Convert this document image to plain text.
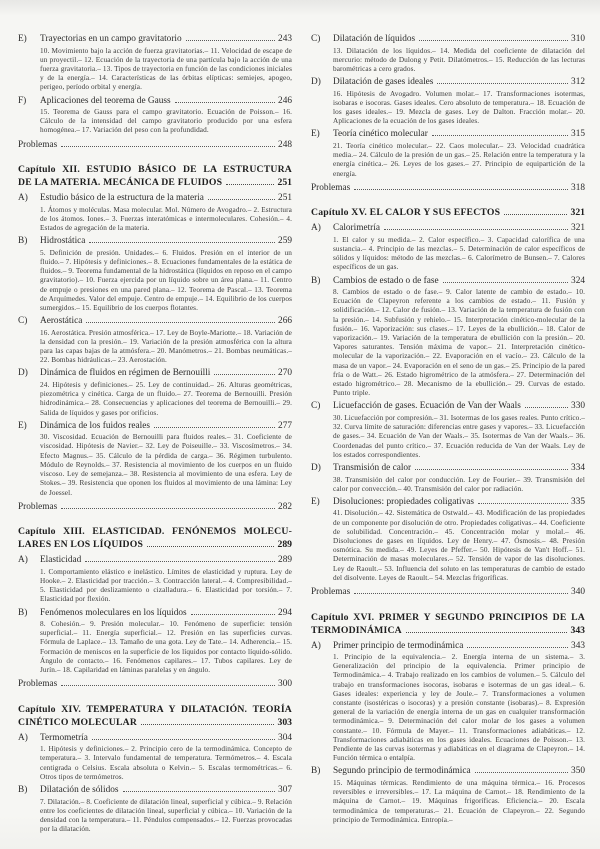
E)	Trayectorias en un campo gravitatorio	243
10. Movimiento bajo la acción de fuerza gravitatorias.– 11. Velocidad de escape de un proyectil.– 12. Ecuación de la trayectoria de una partícula bajo la acción de una fuerza gravitatoria.– 13. Tipos de trayectoria en función de las condiciones iniciales y de la energía.– 14. Características de las órbitas elípticas: semiejes, apogeo, perigeo, período orbital y energía.
F)	Aplicaciones del teorema de Gauss	246
15. Teorema de Gauss para el campo gravitatorio. Ecuación de Poisson.– 16. Cálculo de la intensidad del campo gravitatorio producido por una esfera homogénea.– 17. Variación del peso con la profundidad.
Problemas	248
Capítulo XII. ESTUDIO BÁSICO DE LA ESTRUCTURA
DE LA MATERIA. MECÁNICA DE FLUIDOS	251
A)	Estudio básico de la estructura de la materia	251
1. Átomos y moléculas. Masa molecular. Mol. Número de Avogadro.– 2. Estructura de los átomos. Iones.– 3. Fuerzas interatómicas e intermoleculares. Cohesión.– 4. Estados de agregación de la materia.
B)	Hidrostática	259
5. Definición de presión. Unidades.– 6. Fluidos. Presión en el interior de un fluido.– 7. Hipótesis y definiciones.– 8. Ecuaciones fundamentales de la estática de fluidos.– 9. Teorema fundamental de la hidrostática (líquidos en reposo en el campo gravitatorio).– 10. Fuerza ejercida por un líquido sobre un área plana.– 11. Centro de empuje o presiones en una pared plana.– 12. Teorema de Pascal.– 13. Teorema de Arquímedes. Valor del empuje. Centro de empuje.– 14. Equilibrio de los cuerpos sumergidos.– 15. Equilibrio de los cuerpos flotantes.
C)	Aerostática	266
16. Aerostática. Presión atmosférica.– 17. Ley de Boyle-Mariotte.– 18. Variación de la densidad con la presión.– 19. Variación de la presión atmosférica con la altura para las capas bajas de la atmósfera.– 20. Manómetros.– 21. Bombas neumáticas.– 22. Bombas hidráulicas.– 23. Aerostación.
D)	Dinámica de fluidos en régimen de Bernouilli	270
24. Hipótesis y definiciones.– 25. Ley de continuidad.– 26. Alturas geométricas, piezométrica y cinética. Carga de un fluido.– 27. Teorema de Bernouilli. Presión hidrodinámica.– 28. Consecuencias y aplicaciones del teorema de Bernouilli.– 29. Salida de líquidos y gases por orificios.
E)	Dinámica de los fuidos reales	277
30. Viscosidad. Ecuación de Bernouilli para fluidos reales.– 31. Coeficiente de viscosidad. Hipótesis de Navier.– 32. Ley de Poiseuille.– 33. Viscosímetros.– 34. Efecto Magnus.– 35. Cálculo de la pérdida de carga.– 36. Régimen turbulento. Módulo de Reynolds.– 37. Resistencia al movimiento de los cuerpos en un fluido viscoso. Ley de semejanza.– 38. Resistencia al movimiento de una esfera. Ley de Stokes.– 39. Resistencia que oponen los fluidos al movimiento de una lámina: Ley de Joessel.
Problemas	282
Capítulo XIII. ELASTICIDAD. FENÓNEMOS MOLECU-
LARES EN LOS LÍQUIDOS	289
A)	Elasticidad	289
1. Comportamiento elástico e inelástico. Límites de elasticidad y ruptura. Ley de Hooke.– 2. Elasticidad por tracción.– 3. Contracción lateral.– 4. Compresibilidad.– 5. Elasticidad por deslizamiento o cizalladura.– 6. Elasticidad por torsión.– 7. Elasticidad por flexión.
B)	Fenómenos moleculares en los líquidos	294
8. Cohesión.– 9. Presión molecular.– 10. Fenómeno de superficie: tensión superficial.– 11. Energía superficial.– 12. Presión en las superficies curvas. Fórmula de Laplace.– 13. Tamaño de una gota. Ley de Tate.– 14. Adherencia.– 15. Formación de meniscos en la superficie de los líquidos por contacto líquido-sólido. Ángulo de contacto.– 16. Fenómenos capilares.– 17. Tubos capilares. Ley de Jurín.– 18. Capilaridad en láminas paralelas y en ángulo.
Problemas	300
Capítulo XIV. TEMPERATURA Y DILATACIÓN. TEORÍA
CINÉTICO MOLECULAR	303
A)	Termometría	304
1. Hipótesis y definiciones.– 2. Principio cero de la termodinámica. Concepto de temperatura.– 3. Intervalo fundamental de temperatura. Termómetros.– 4. Escala centigrada o Celsius. Escala absoluta o Kelvin.– 5. Escalas termométricas.– 6. Otros tipos de termómetros.
B)	Dilatación de sólidos	307
7. Dilatación.– 8. Coeficiente de dilatación lineal, superficial y cúbica.– 9. Relación entre los coeficientes de dilatación lineal, superficial y cúbica.– 10. Variación de la densidad con la temperatura.– 11. Péndulos compensados.– 12. Fuerzas provocadas por la dilatación.
C)	Dilatación de líquidos	310
13. Dilatación de los líquidos.– 14. Medida del coeficiente de dilatación del mercurio: método de Dulong y Petit. Dilatómetros.– 15. Reducción de las lecturas barométricas a cero grados.
D)	Dilatación de gases ideales	312
16. Hipótesis de Avogadro. Volumen molar.– 17. Transformaciones isotermas, isobaras e isocoras. Gases ideales. Cero absoluto de temperatura.– 18. Ecuación de los gases ideales.– 19. Mezcla de gases. Ley de Dalton. Fracción molar.– 20. Aplicaciones de la ecuación de los gases ideales.
E)	Teoría cinético molecular	315
21. Teoría cinético molecular.– 22. Caos molecular.– 23. Velocidad cuadrática media.– 24. Cálculo de la presión de un gas.– 25. Relación entre la temperatura y la energía cinética.– 26. Leyes de los gases.– 27. Principio de equipartición de la energía.
Problemas	318
Capítulo XV. EL CALOR Y SUS EFECTOS	321
A)	Calorimetría	321
1. El calor y su medida.– 2. Calor específico.– 3. Capacidad calorífica de una sustancia.– 4. Principio de las mezclas.– 5. Determinación de calor específicos de sólidos y líquidos: método de las mezclas.– 6. Calorímetro de Bunsen.– 7. Calores específicos de un gas.
B)	Cambios de estado o de fase	324
8. Cambios de estado o de fase.– 9. Calor latente de cambio de estado.– 10. Ecuación de Clapeyron referente a los cambios de estado.– 11. Fusión y solidificación.– 12. Calor de fusión.– 13. Variación de la temperatura de fusión con la presión.– 14. Subfusión y rehielo.– 15. Interpretación cinético-molecular de la fusión.– 16. Vaporización: sus clases.– 17. Leyes de la ebullición.– 18. Calor de vaporización.– 19. Variación de la temperatura de ebullición con la presión.– 20. Vapores saturantes. Tensión máxima de vapor.– 21. Interpretación cinético-molecular de la vaporización.– 22. Evaporación en el vacío.– 23. Cálculo de la masa de un vapor.– 24. Evaporación en el seno de un gas.– 25. Principio de la pared fría o de Watt.– 26. Estado higrométrico de la atmósfera.– 27. Determinación del estado higrométrico.– 28. Mecanismo de la ebullición.– 29. Curvas de estado. Punto triple.
C)	Licuefacción de gases. Ecuación de Van der Waals	330
30. Licuefacción por compresión.– 31. Isotermas de los gases reales. Punto crítico.– 32. Curva límite de saturación: diferencias entre gases y vapores.– 33. Licuefacción de gases.– 34. Ecuación de Van der Waals.– 35. Isotermas de Van der Waals.– 36. Coordenadas del punto crítico.– 37. Ecuación reducida de Van der Waals. Ley de los estados correspondientes.
D)	Transmisión de calor	334
38. Transmisión del calor por conducción. Ley de Fourier.– 39. Transmisión del calor por convección.– 40. Transmisión del calor por radiación.
E)	Disoluciones: propiedades coligativas	335
41. Disolución.– 42. Sistemática de Ostwald.– 43. Modificación de las propiedades de un componente por disolución de otro. Propiedades coligativas.– 44. Coeficiente de solubilidad. Concentración.– 45. Concentración molar y molal.– 46. Disoluciones de gases en líquidos. Ley de Henry.– 47. Ósmosis.– 48. Presión osmótica. Su medida.– 49. Leyes de Pfeffer.– 50. Hipótesis de Van't Hoff.– 51. Determinación de masas moleculares.– 52. Tensión de vapor de las disoluciones. Ley de Raoult.– 53. Influencia del soluto en las temperaturas de cambio de estado del disolvente. Leyes de Raoult.– 54. Mezclas frigoríficas.
Problemas	340
Capítulo XVI. PRIMER Y SEGUNDO PRINCIPIOS DE LA
TERMODINÁMICA	343
A)	Primer principio de termodinámica	343
1. Principio de la equivalencia.– 2. Energía interna de un sistema.– 3. Generalización del principio de la equivalencia. Primer principio de Termodinámica.– 4. Trabajo realizado en los cambios de volumen.– 5. Cálculo del trabajo en transformaciones isocoras, isobaras e isotermas de un gas ideal.– 6. Gases ideales: experiencia y ley de Joule.– 7. Transformaciones a volumen constante (isostéricas o isocoras) y a presión constante (isobaras).– 8. Expresión general de la variación de energía interna de un gas en cualquier transformación termodinámica.– 9. Determinación del calor molar de los gases a volumen constante.– 10. Fórmula de Mayer.– 11. Transformaciones adiabáticas.– 12. Transformaciones adiabáticas en los gases ideales. Ecuaciones de Poisson.– 13. Pendiente de las curvas isotermas y adiabáticas en el diagrama de Clapeyron.– 14. Función térmica o entalpía.
B)	Segundo principio de termodinámica	350
15. Máquinas térmicas. Rendimiento de una máquina térmica.– 16. Procesos reversibles e irreversibles.– 17. La máquina de Carnot.– 18. Rendimiento de la máquina de Carnot.– 19. Máquinas frigoríficas. Eficiencia.– 20. Escala termodinámica de temperaturas.– 21. Ecuación de Clapeyron.– 22. Segundo principio de Termodinámica. Entropía.–
